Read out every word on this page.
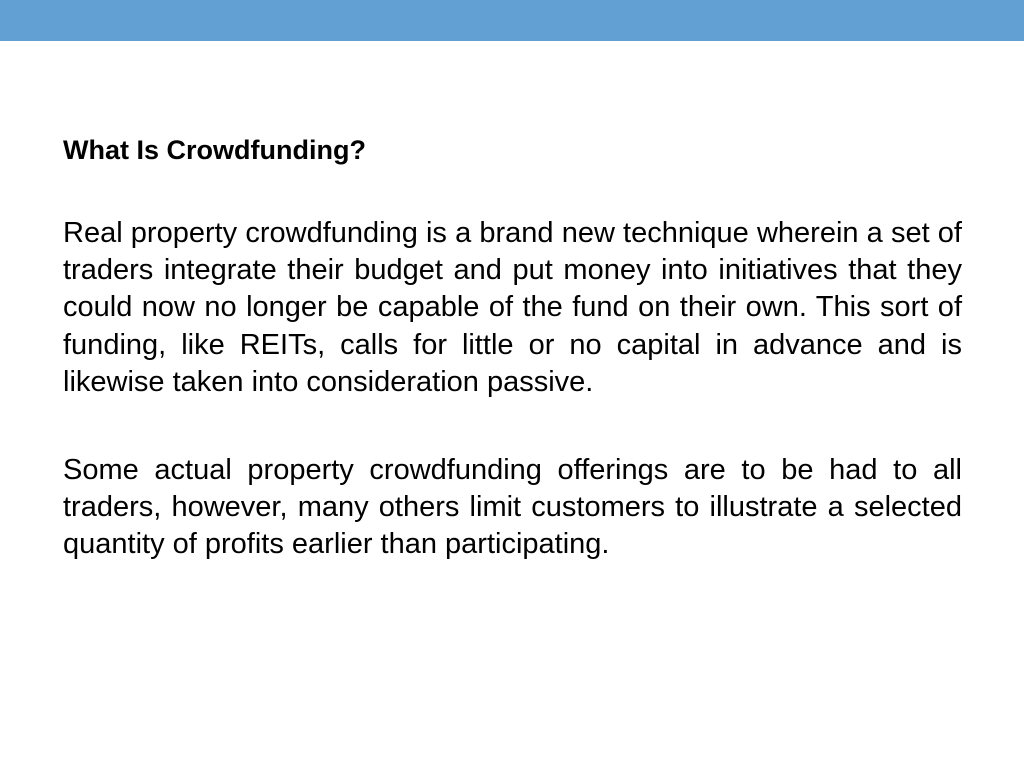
What Is Crowdfunding?

Real property crowdfunding is a brand new technique wherein a set of traders integrate their budget and put money into initiatives that they could now no longer be capable of the fund on their own. This sort of funding, like REITs, calls for little or no capital in advance and is likewise taken into consideration passive.

Some actual property crowdfunding offerings are to be had to all traders, however, many others limit customers to illustrate a selected quantity of profits earlier than participating.
